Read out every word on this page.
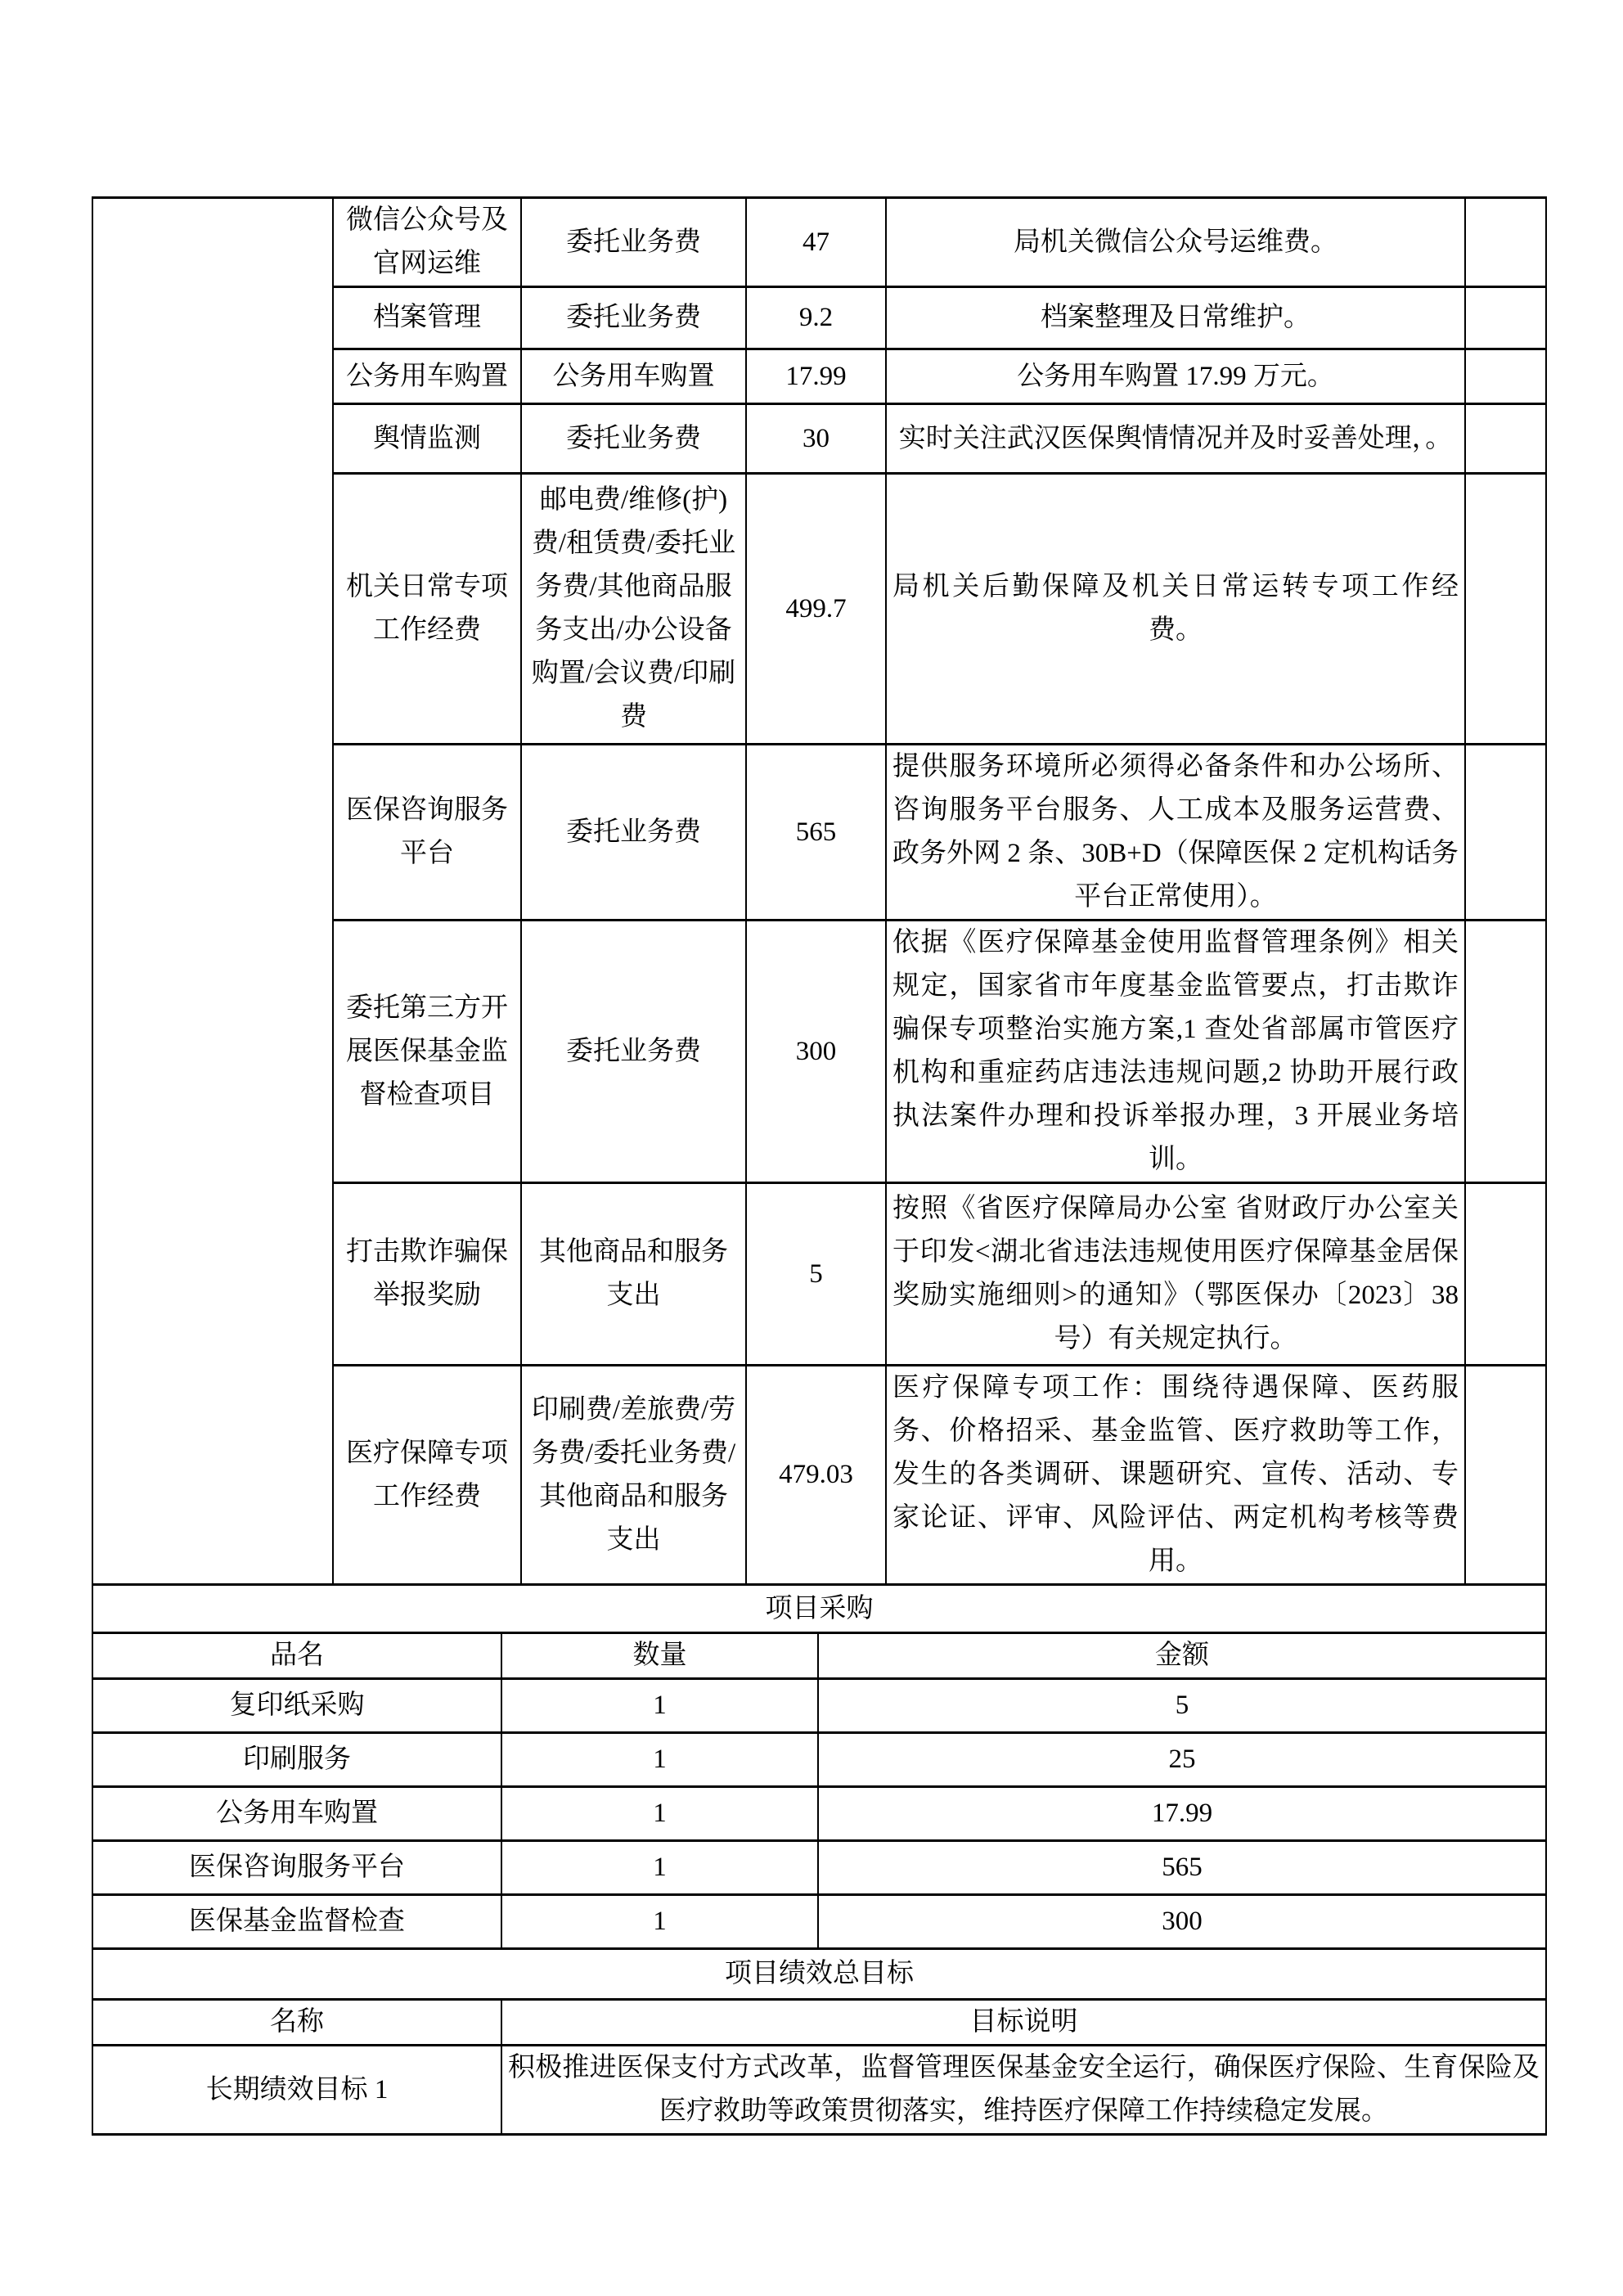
	微信公众号及官网运维	委托业务费	47	局机关微信公众号运维费。	
	档案管理	委托业务费	9.2	档案整理及日常维护。	
	公务用车购置	公务用车购置	17.99	公务用车购置 17.99 万元。	
	舆情监测	委托业务费	30	实时关注武汉医保舆情情况并及时妥善处理，。	
	机关日常专项工作经费	邮电费/维修(护)费/租赁费/委托业务费/其他商品服务支出/办公设备购置/会议费/印刷费	499.7	局机关后勤保障及机关日常运转专项工作经费。	
	医保咨询服务平台	委托业务费	565	提供服务环境所必须得必备条件和办公场所、咨询服务平台服务、人工成本及服务运营费、政务外网 2 条、30B+D（保障医保 2 定机构话务平台正常使用）。	
	委托第三方开展医保基金监督检查项目	委托业务费	300	依据《医疗保障基金使用监督管理条例》相关规定，国家省市年度基金监管要点，打击欺诈骗保专项整治实施方案,1 查处省部属市管医疗机构和重症药店违法违规问题,2 协助开展行政执法案件办理和投诉举报办理，3 开展业务培训。	
	打击欺诈骗保举报奖励	其他商品和服务支出	5	按照《省医疗保障局办公室 省财政厅办公室关于印发<湖北省违法违规使用医疗保障基金居保奖励实施细则>的通知》（鄂医保办〔2023〕38 号）有关规定执行。	
	医疗保障专项工作经费	印刷费/差旅费/劳务费/委托业务费/其他商品和服务支出	479.03	医疗保障专项工作：围绕待遇保障、医药服务、价格招采、基金监管、医疗救助等工作，发生的各类调研、课题研究、宣传、活动、专家论证、评审、风险评估、两定机构考核等费用。	
项目采购		
品名	数量	金额
复印纸采购	1	5
印刷服务	1	25
公务用车购置	1	17.99
医保咨询服务平台	1	565
医保基金监督检查	1	300
项目绩效总目标	
名称	目标说明
长期绩效目标 1	积极推进医保支付方式改革，监督管理医保基金安全运行，确保医疗保险、生育保险及医疗救助等政策贯彻落实，维持医疗保障工作持续稳定发展。
